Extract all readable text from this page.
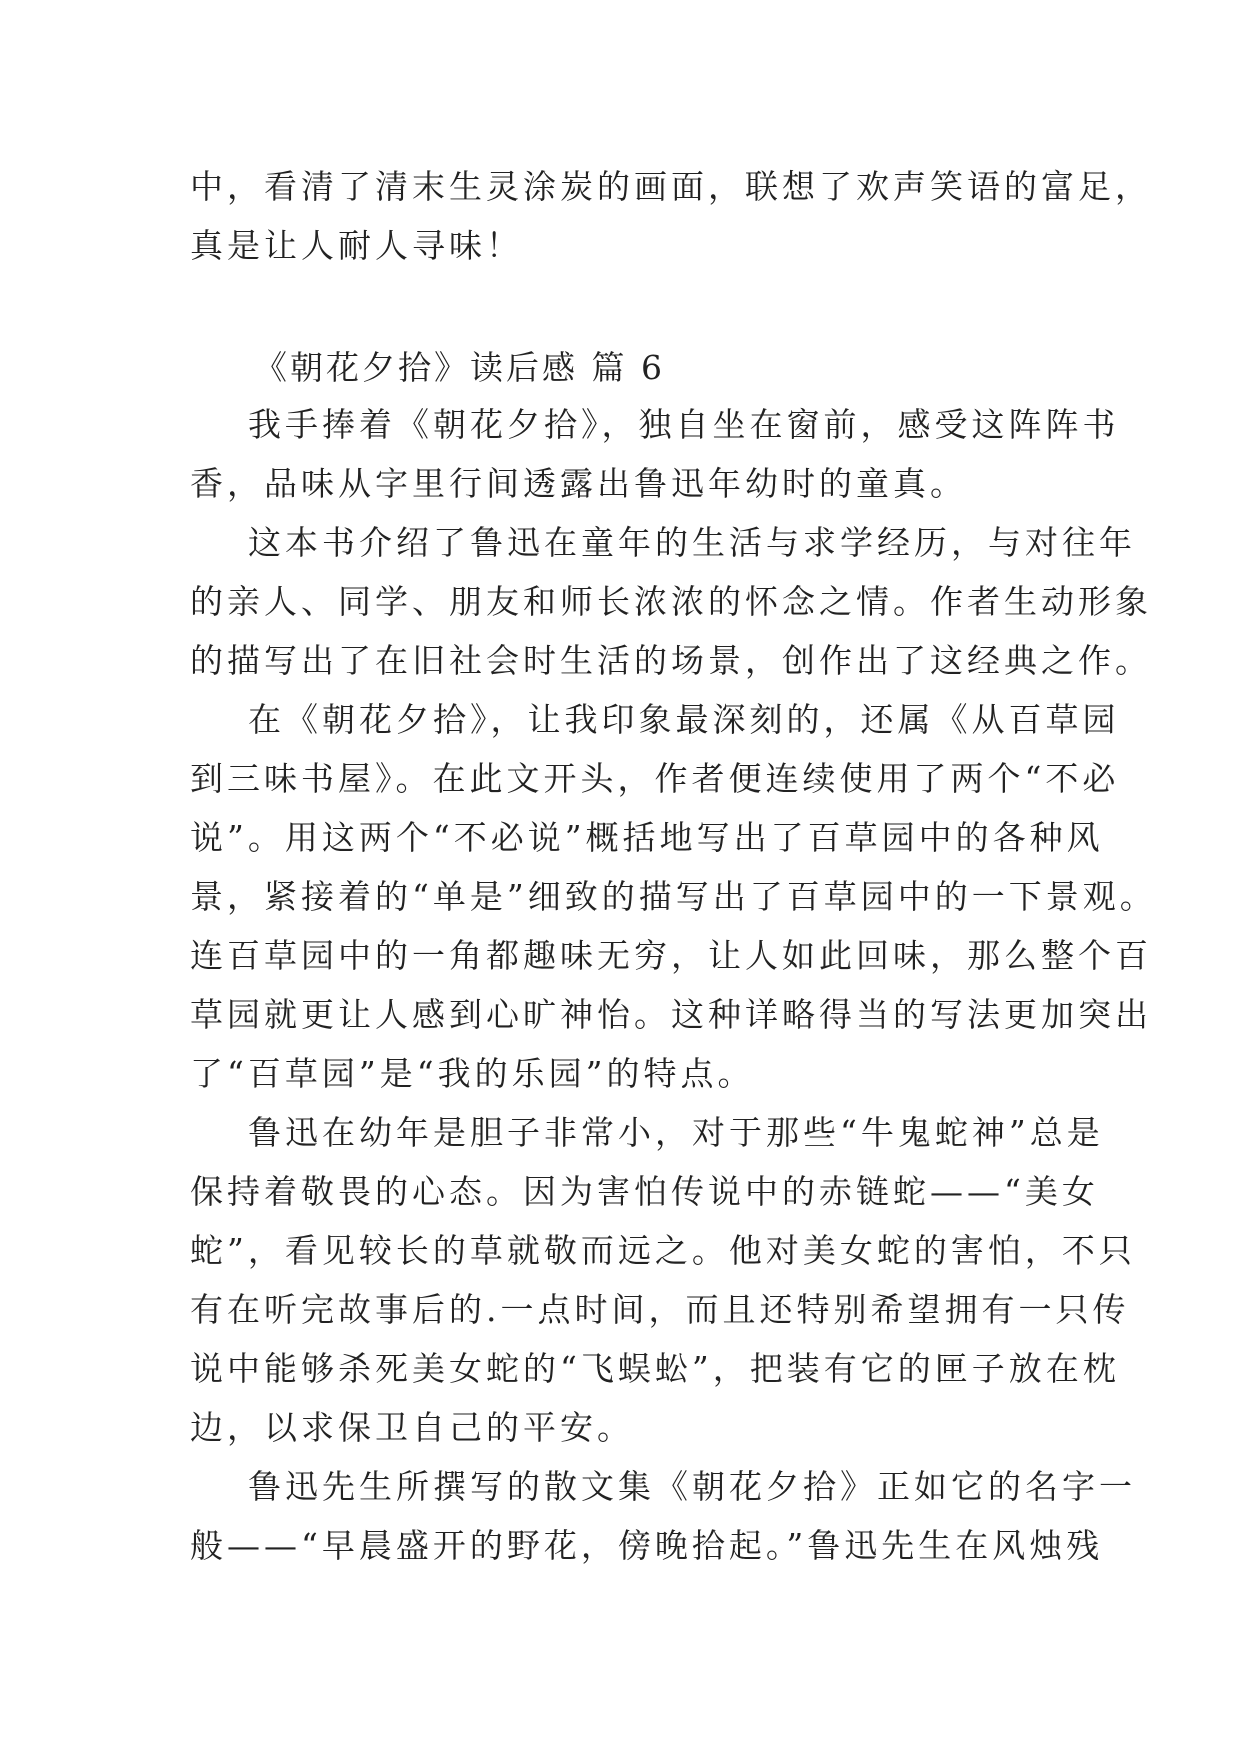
中，看清了清末生灵涂炭的画面，联想了欢声笑语的富足，
真是让人耐人寻味！
《朝花夕拾》读后感 篇 6
我手捧着《朝花夕拾》，独自坐在窗前，感受这阵阵书
香，品味从字里行间透露出鲁迅年幼时的童真。
这本书介绍了鲁迅在童年的生活与求学经历，与对往年
的亲人、同学、朋友和师长浓浓的怀念之情。作者生动形象
的描写出了在旧社会时生活的场景，创作出了这经典之作。
在《朝花夕拾》，让我印象最深刻的，还属《从百草园
到三味书屋》。在此文开头，作者便连续使用了两个“不必
说”。用这两个“不必说”概括地写出了百草园中的各种风
景，紧接着的“单是”细致的描写出了百草园中的一下景观。
连百草园中的一角都趣味无穷，让人如此回味，那么整个百
草园就更让人感到心旷神怡。这种详略得当的写法更加突出
了“百草园”是“我的乐园”的特点。
鲁迅在幼年是胆子非常小，对于那些“牛鬼蛇神”总是
保持着敬畏的心态。因为害怕传说中的赤链蛇——“美女
蛇”，看见较长的草就敬而远之。他对美女蛇的害怕，不只
有在听完故事后的.一点时间，而且还特别希望拥有一只传
说中能够杀死美女蛇的“飞蜈蚣”，把装有它的匣子放在枕
边，以求保卫自己的平安。
鲁迅先生所撰写的散文集《朝花夕拾》正如它的名字一
般——“早晨盛开的野花，傍晚拾起。”鲁迅先生在风烛残
